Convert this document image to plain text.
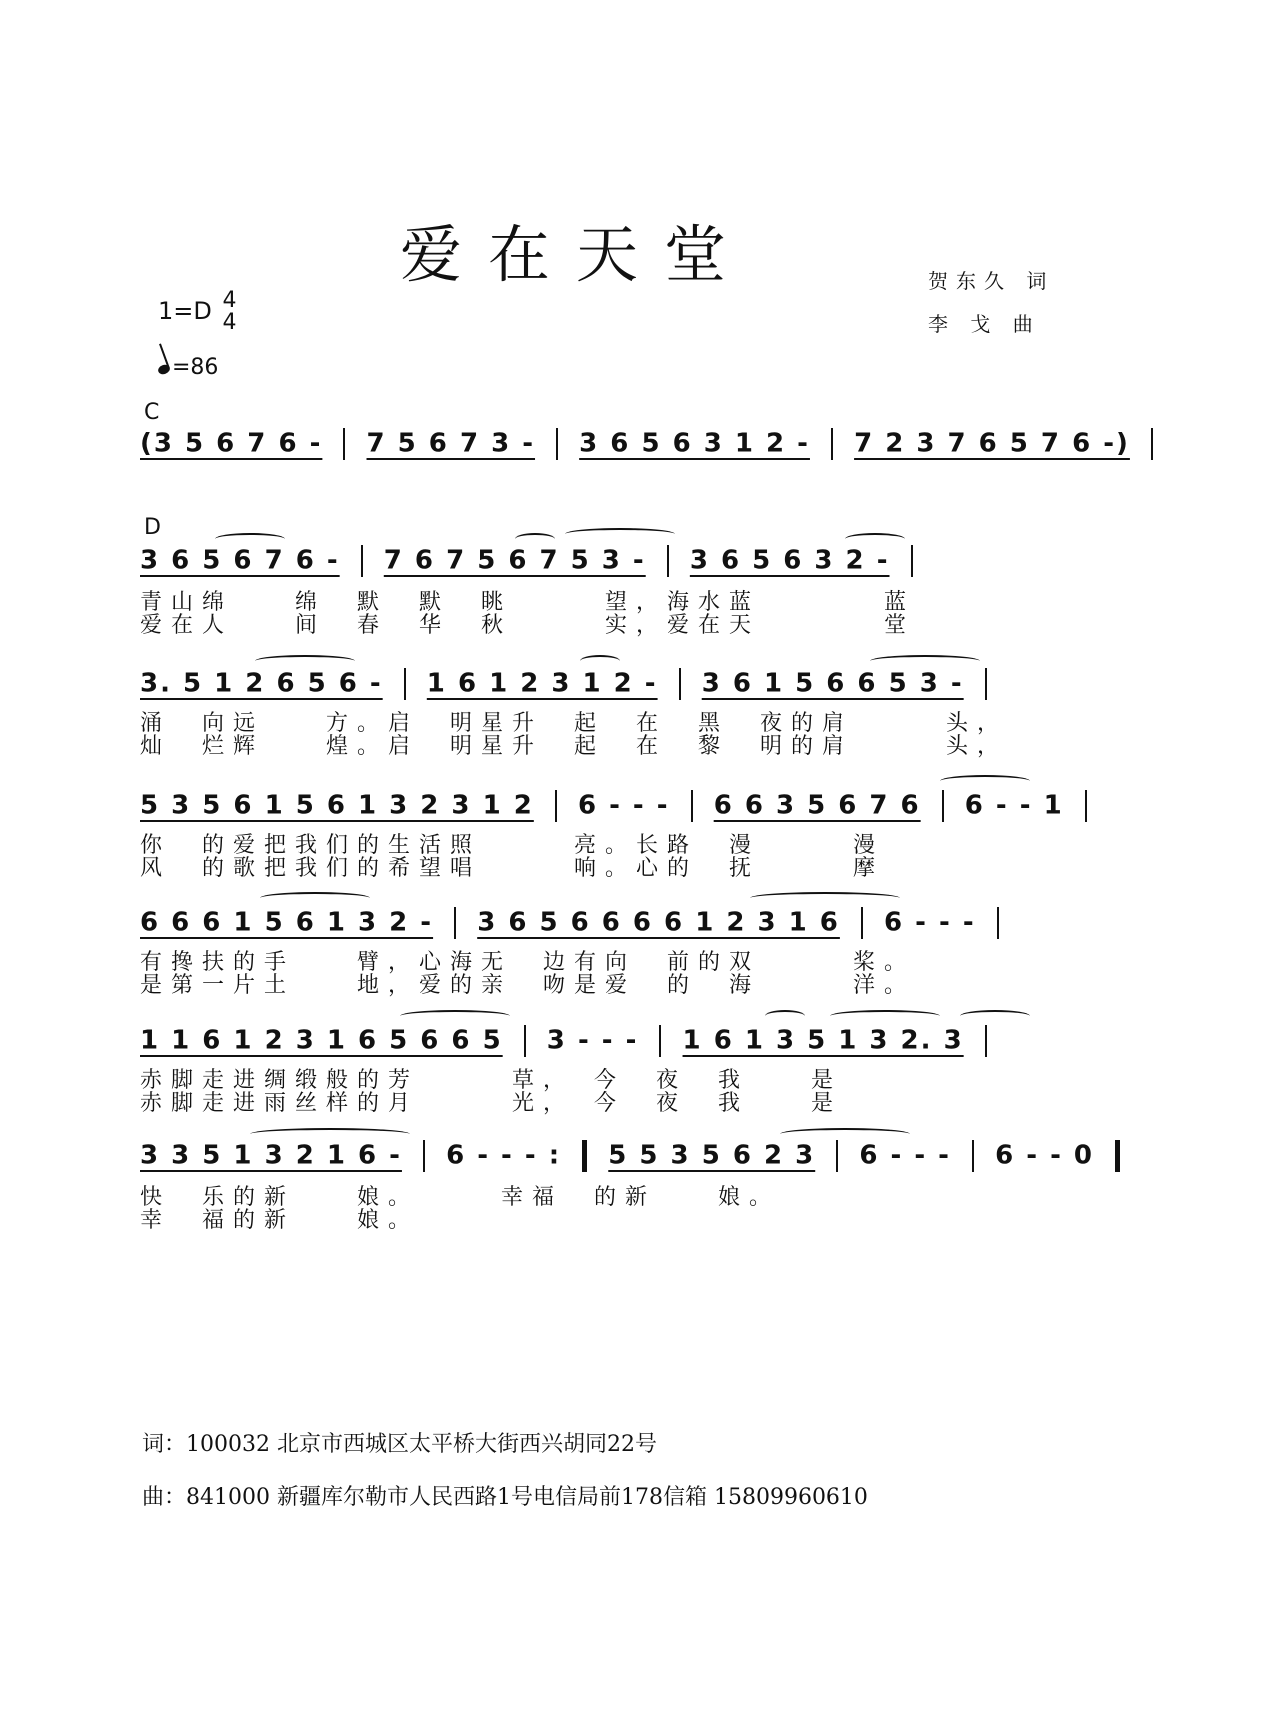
爱在天堂	贺东久 词
李 戈 曲
1=D 4
4
=86
C
(3 5 6 7 6 - 7 5 6 7 3 - 3 6 5 6 3 1 2 - 7 2 3 7 6 5 7 6 -)
D
3 6 5 6 7 6 - 7 6 7 5 6 7 5 3 - 3 6 5 6 3 2 -
青山绵　　绵　默　默　眺　　　望，海水蓝　　　　蓝
爱在人　　间　春　华　秋　　　实，爱在天　　　　堂
3. 5 1 2 6 5 6 - 1 6 1 2 3 1 2 - 3 6 1 5 6 6 5 3 -
涌　向远　　方。启　明星升　起　在　黑　夜的肩　　　头，
灿　烂辉　　煌。启　明星升　起　在　黎　明的肩　　　头，
5 3 5 6 1 5 6 1 3 2 3 1 2 6 - - - 6 6 3 5 6 7 6 6 - - 1
你　的爱把我们的生活照　　　亮。长路　漫　　　漫
风　的歌把我们的希望唱　　　响。心的　抚　　　摩
6 6 6 1 5 6 1 3 2 - 3 6 5 6 6 6 6 1 2 3 1 6 6 - - -
有搀扶的手　　臂，心海无　边有向　前的双　　　桨。
是第一片土　　地，爱的亲　吻是爱　的　海　　　洋。
1 1 6 1 2 3 1 6 5 6 6 5 3 - - - 1 6 1 3 5 1 3 2. 3
赤脚走进绸缎般的芳　　　草，　今　夜　我　　是
赤脚走进雨丝样的月　　　光，　今　夜　我　　是
3 3 5 1 3 2 1 6 - 6 - - - : 5 5 3 5 6 2 3 6 - - - 6 - - 0
快　乐的新　　娘。　　　幸福　的新　　娘。
幸　福的新　　娘。
词：100032 北京市西城区太平桥大街西兴胡同22号
曲：841000 新疆库尔勒市人民西路1号电信局前178信箱 15809960610
